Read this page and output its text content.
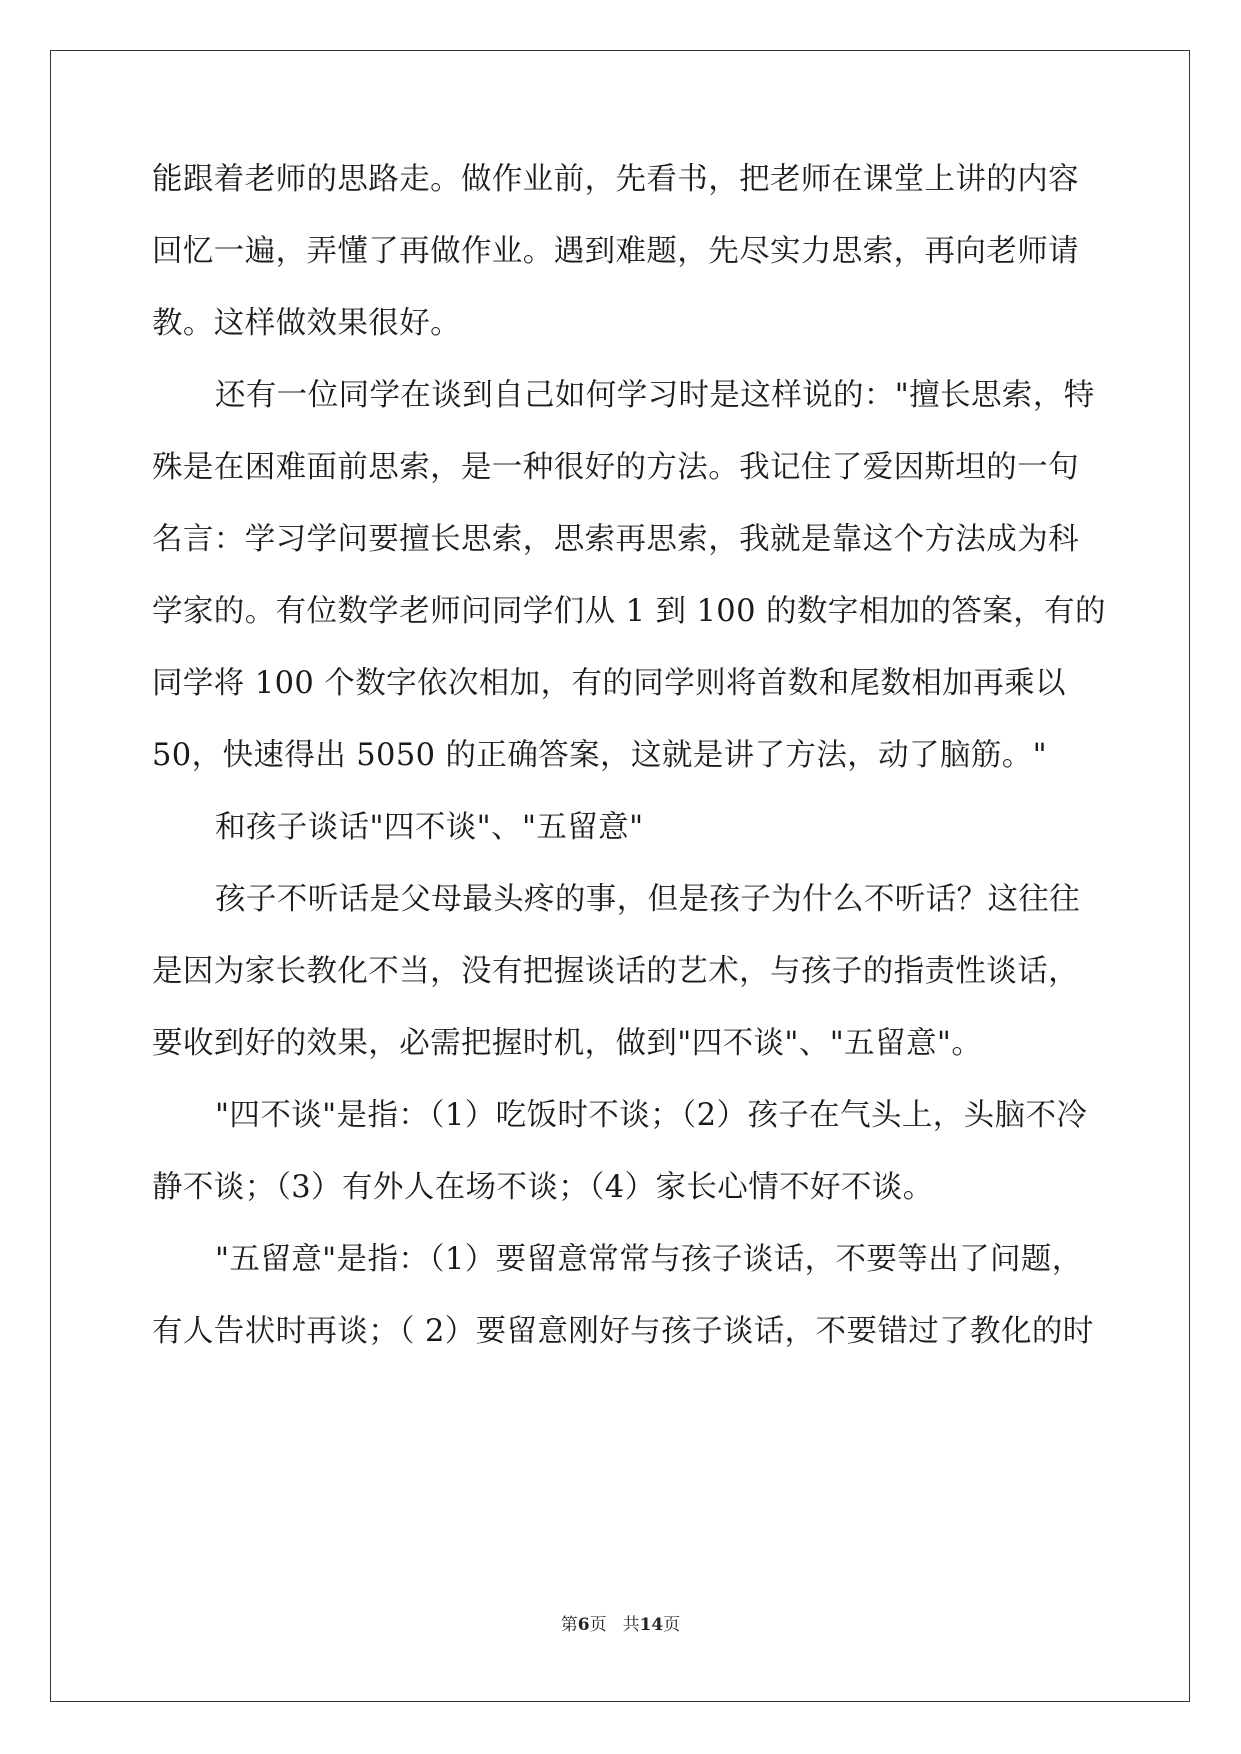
能跟着老师的思路走。做作业前，先看书，把老师在课堂上讲的内容
回忆一遍，弄懂了再做作业。遇到难题，先尽实力思索，再向老师请
教。这样做效果很好。
还有一位同学在谈到自己如何学习时是这样说的："擅长思索，特
殊是在困难面前思索，是一种很好的方法。我记住了爱因斯坦的一句
名言：学习学问要擅长思索，思索再思索，我就是靠这个方法成为科
学家的。有位数学老师问同学们从 1 到 100 的数字相加的答案，有的
同学将 100 个数字依次相加，有的同学则将首数和尾数相加再乘以
50，快速得出 5050 的正确答案，这就是讲了方法，动了脑筋。"
和孩子谈话"四不谈"、"五留意"
孩子不听话是父母最头疼的事，但是孩子为什么不听话？这往往
是因为家长教化不当，没有把握谈话的艺术，与孩子的指责性谈话，
要收到好的效果，必需把握时机，做到"四不谈"、"五留意"。
"四不谈"是指：（1）吃饭时不谈；（2）孩子在气头上，头脑不冷
静不谈；（3）有外人在场不谈；（4）家长心情不好不谈。
"五留意"是指：（1）要留意常常与孩子谈话，不要等出了问题，
有人告状时再谈；（ 2）要留意刚好与孩子谈话，不要错过了教化的时
第6页 共14页
